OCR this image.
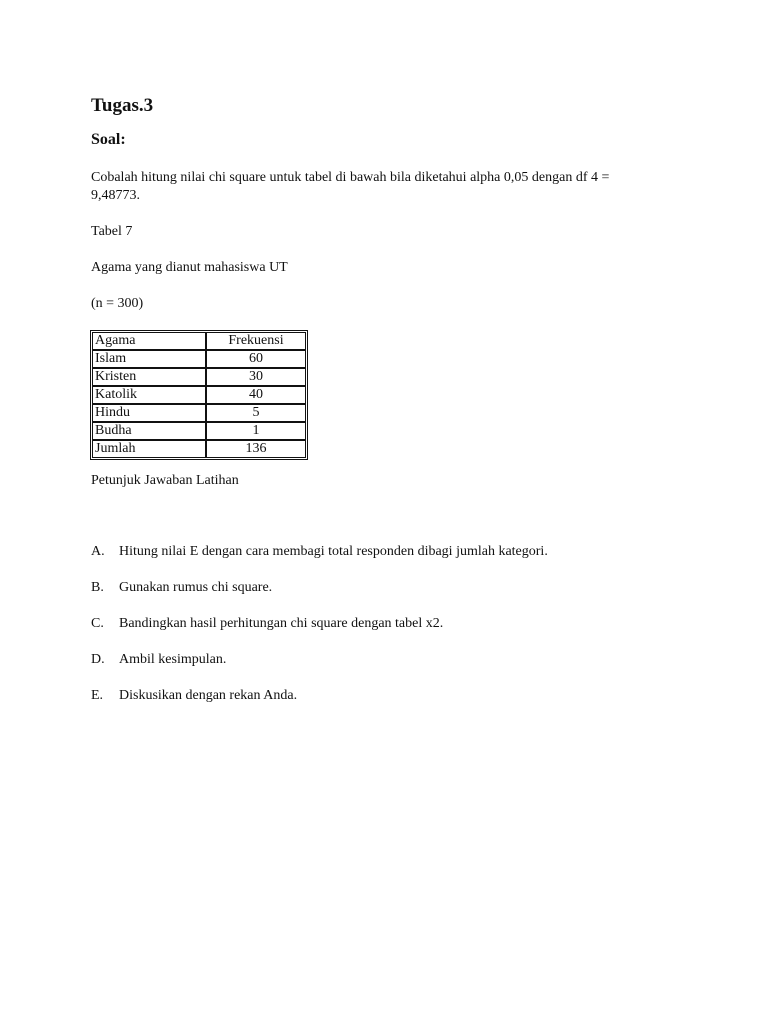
Tugas.3
Soal:

Cobalah hitung nilai chi square untuk tabel di bawah bila diketahui alpha 0,05 dengan df 4 = 9,48773.

Tabel 7

Agama yang dianut mahasiswa UT

(n = 300)

Agama	Frekuensi
Islam	60
Kristen	30
Katolik	40
Hindu	5
Budha	1
Jumlah	136

Petunjuk Jawaban Latihan

A. Hitung nilai E dengan cara membagi total responden dibagi jumlah kategori.
B. Gunakan rumus chi square.
C. Bandingkan hasil perhitungan chi square dengan tabel x2.
D. Ambil kesimpulan.
E. Diskusikan dengan rekan Anda.
